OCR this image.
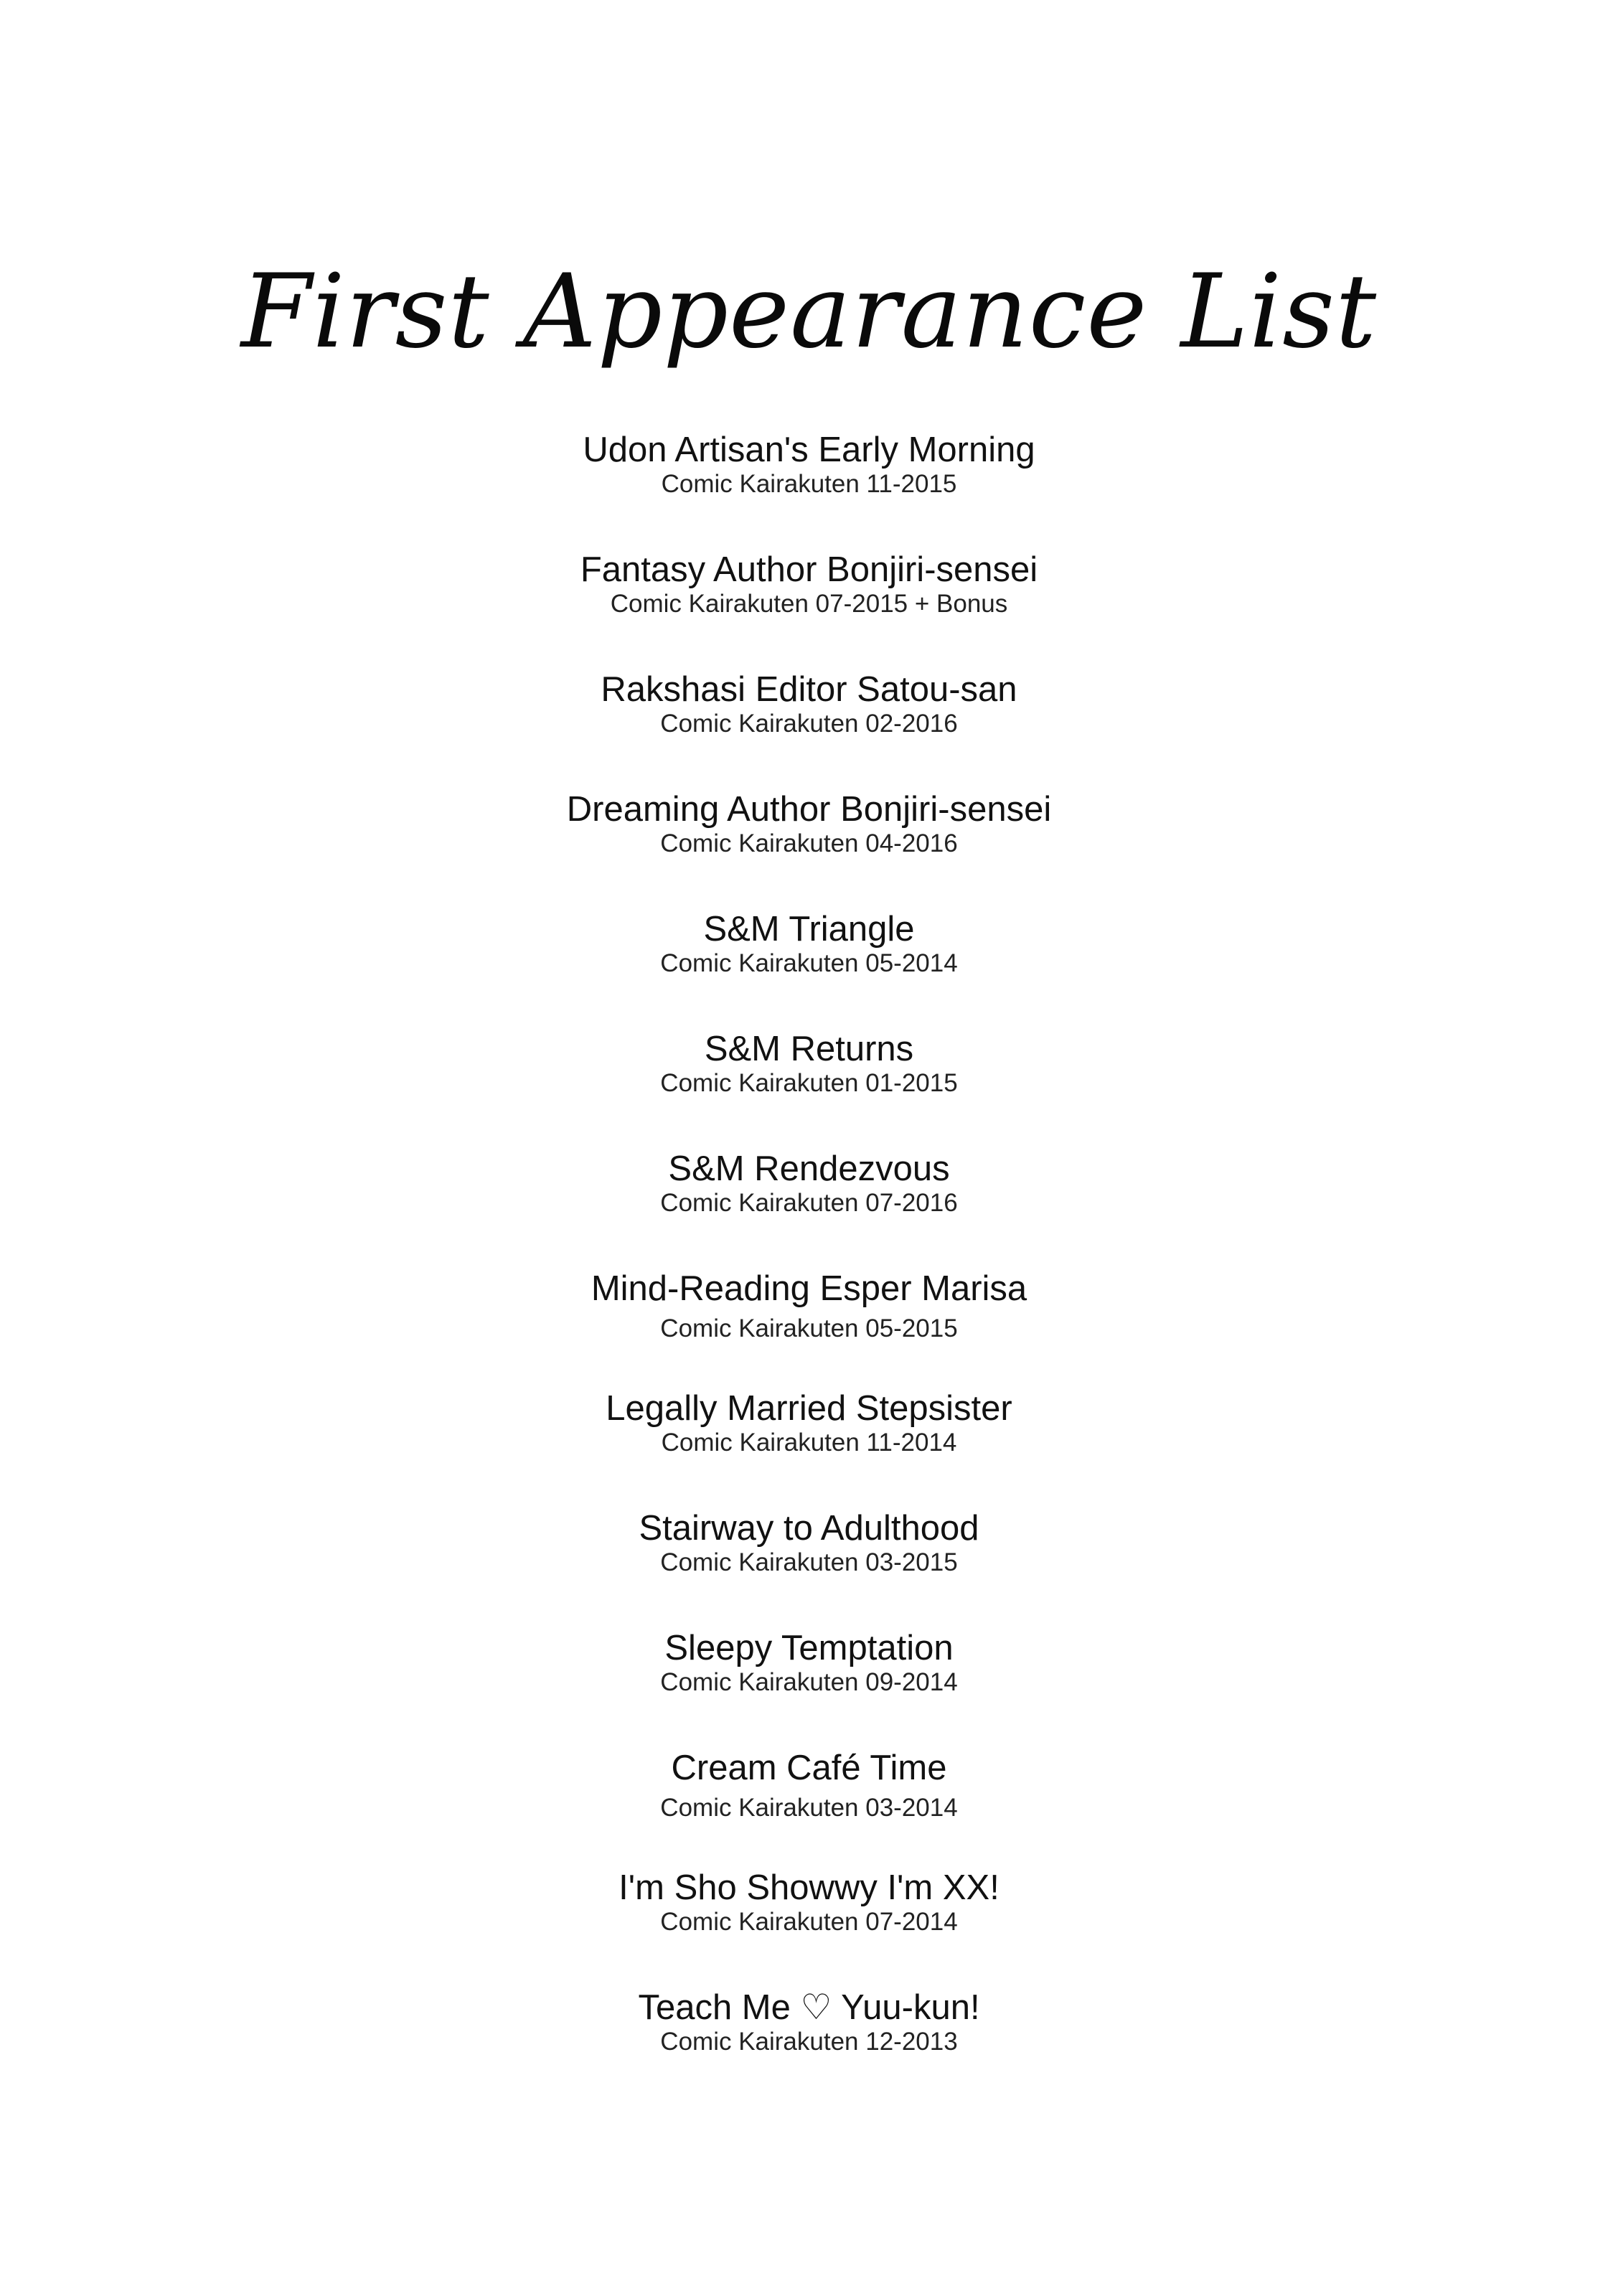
First Appearance List
Udon Artisan's Early Morning
Comic Kairakuten 11-2015
Fantasy Author Bonjiri-sensei
Comic Kairakuten 07-2015 + Bonus
Rakshasi Editor Satou-san
Comic Kairakuten 02-2016
Dreaming Author Bonjiri-sensei
Comic Kairakuten 04-2016
S&M Triangle
Comic Kairakuten 05-2014
S&M Returns
Comic Kairakuten 01-2015
S&M Rendezvous
Comic Kairakuten 07-2016
Mind-Reading Esper Marisa
Comic Kairakuten 05-2015
Legally Married Stepsister
Comic Kairakuten 11-2014
Stairway to Adulthood
Comic Kairakuten 03-2015
Sleepy Temptation
Comic Kairakuten 09-2014
Cream Café Time
Comic Kairakuten 03-2014
I'm Sho Showwy I'm XX!
Comic Kairakuten 07-2014
Teach Me ♡ Yuu-kun!
Comic Kairakuten 12-2013
